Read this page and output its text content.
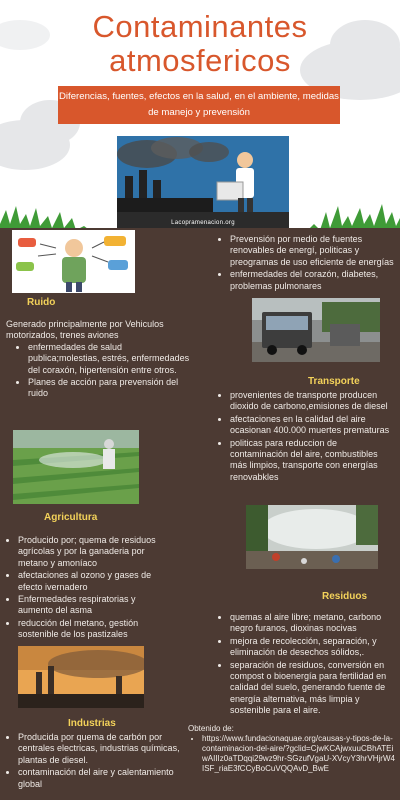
Contaminantes
atmosfericos
Diferencias, fuentes, efectos en la salud, en el ambiente, medidas
de manejo y prevensión
Lacopramenacion.org
Ruido

Generado principalmente por Vehiculos motorizados, trenes aviones

• enfermedades de salud publica;molestias, estrés, enfermedades del coraxón, hipertensión entre otros.
• Planes de acción para prevensión del ruido
• Prevensión por medio de fuentes renovables de energí, politicas y preogramas de uso eficiente de energías
• enfermedades del corazón, diabetes, problemas pulmonares
Transporte
• provenientes de transporte producen dioxido de carbono,emisiones de diesel
• afectaciones en la calidad del aire ocasionan 400.000 muertes prematuras
• politicas para reduccion de contaminación del aire, combustibles más limpios, transporte con energías renovabkles
Agricultura
• Producido por; quema de residuos agrícolas y por la ganaderia por metano y amoníaco
• afectaciones al ozono y gases de efecto ivernadero
• Enfermedades respiratorias y aumento del asma
• reducción del metano, gestión sostenible de los pastizales
Residuos
• quemas al aire libre; metano, carbono negro furanos, dioxinas nocivas
• mejora de recolección, separación, y eliminación de desechos sólidos,.
• separación de residuos, conversión en compost o bioenergía para fertilidad en calidad del suelo, generando fuente de energía alternativa, más limpia y sostenible para el aire.
Industrias
• Producida por quema de carbón por centrales electricas, industrias químicas, plantas de diesel.
• contaminación del aire y calentamiento global

Obtenido de:

• https://www.fundacionaquae.org/causas-y-tipos-de-la-contaminacion-del-aire/?gclid=CjwKCAjwxuuCBhATEiwAIIIz0aTDqqi29wz9hr-SGzufVgaU-XVcyY3hrVHjrW4ISF_riaE3fCCyBoCuVQQAvD_BwE
